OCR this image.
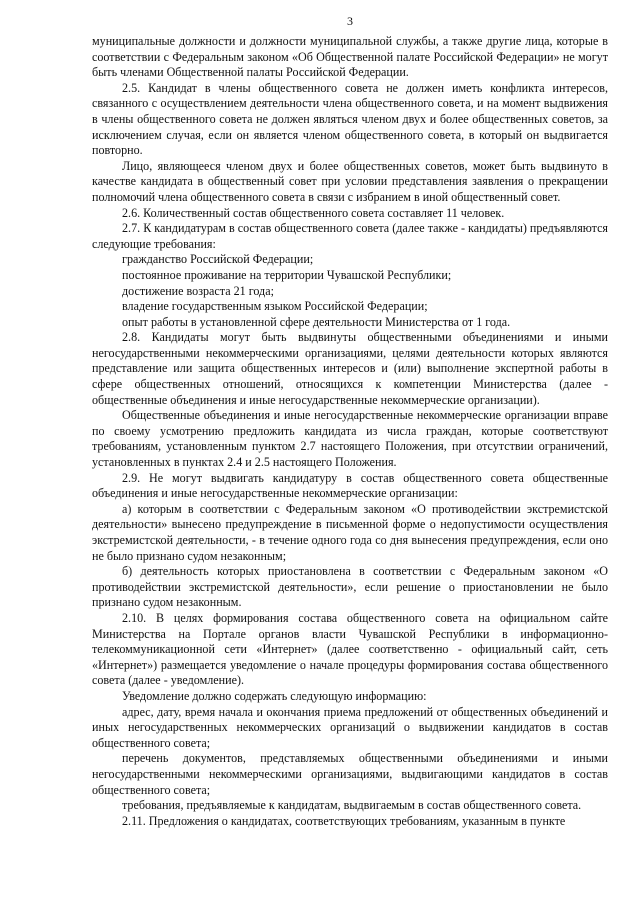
3

муниципальные должности и должности муниципальной службы, а также другие лица, которые в соответствии с Федеральным законом «Об Общественной палате Российской Федерации» не могут быть членами Общественной палаты Российской Федерации.

2.5. Кандидат в члены общественного совета не должен иметь конфликта интересов, связанного с осуществлением деятельности члена общественного совета, и на момент выдвижения в члены общественного совета не должен являться членом двух и более общественных советов, за исключением случая, если он является членом общественного совета, в который он выдвигается повторно.

Лицо, являющееся членом двух и более общественных советов, может быть выдвинуто в качестве кандидата в общественный совет при условии представления заявления о прекращении полномочий члена общественного совета в связи с избранием в иной общественный совет.

2.6. Количественный состав общественного совета составляет 11 человек.

2.7. К кандидатурам в состав общественного совета (далее также - кандидаты) предъявляются следующие требования:

гражданство Российской Федерации;

постоянное проживание на территории Чувашской Республики;

достижение возраста 21 года;

владение государственным языком Российской Федерации;

опыт работы в установленной сфере деятельности Министерства от 1 года.

2.8. Кандидаты могут быть выдвинуты общественными объединениями и иными негосударственными некоммерческими организациями, целями деятельности которых являются представление или защита общественных интересов и (или) выполнение экспертной работы в сфере общественных отношений, относящихся к компетенции Министерства (далее - общественные объединения и иные негосударственные некоммерческие организации).

Общественные объединения и иные негосударственные некоммерческие организации вправе по своему усмотрению предложить кандидата из числа граждан, которые соответствуют требованиям, установленным пунктом 2.7 настоящего Положения, при отсутствии ограничений, установленных в пунктах 2.4 и 2.5 настоящего Положения.

2.9. Не могут выдвигать кандидатуру в состав общественного совета общественные объединения и иные негосударственные некоммерческие организации:

а) которым в соответствии с Федеральным законом «О противодействии экстремистской деятельности» вынесено предупреждение в письменной форме о недопустимости осуществления экстремистской деятельности, - в течение одного года со дня вынесения предупреждения, если оно не было признано судом незаконным;

б) деятельность которых приостановлена в соответствии с Федеральным законом «О противодействии экстремистской деятельности», если решение о приостановлении не было признано судом незаконным.

2.10. В целях формирования состава общественного совета на официальном сайте Министерства на Портале органов власти Чувашской Республики в информационно-телекоммуникационной сети «Интернет» (далее соответственно - официальный сайт, сеть «Интернет») размещается уведомление о начале процедуры формирования состава общественного совета (далее - уведомление).

Уведомление должно содержать следующую информацию:

адрес, дату, время начала и окончания приема предложений от общественных объединений и иных негосударственных некоммерческих организаций о выдвижении кандидатов в состав общественного совета;

перечень документов, представляемых общественными объединениями и иными негосударственными некоммерческими организациями, выдвигающими кандидатов в состав общественного совета;

требования, предъявляемые к кандидатам, выдвигаемым в состав общественного совета.

2.11. Предложения о кандидатах, соответствующих требованиям, указанным в пункте
